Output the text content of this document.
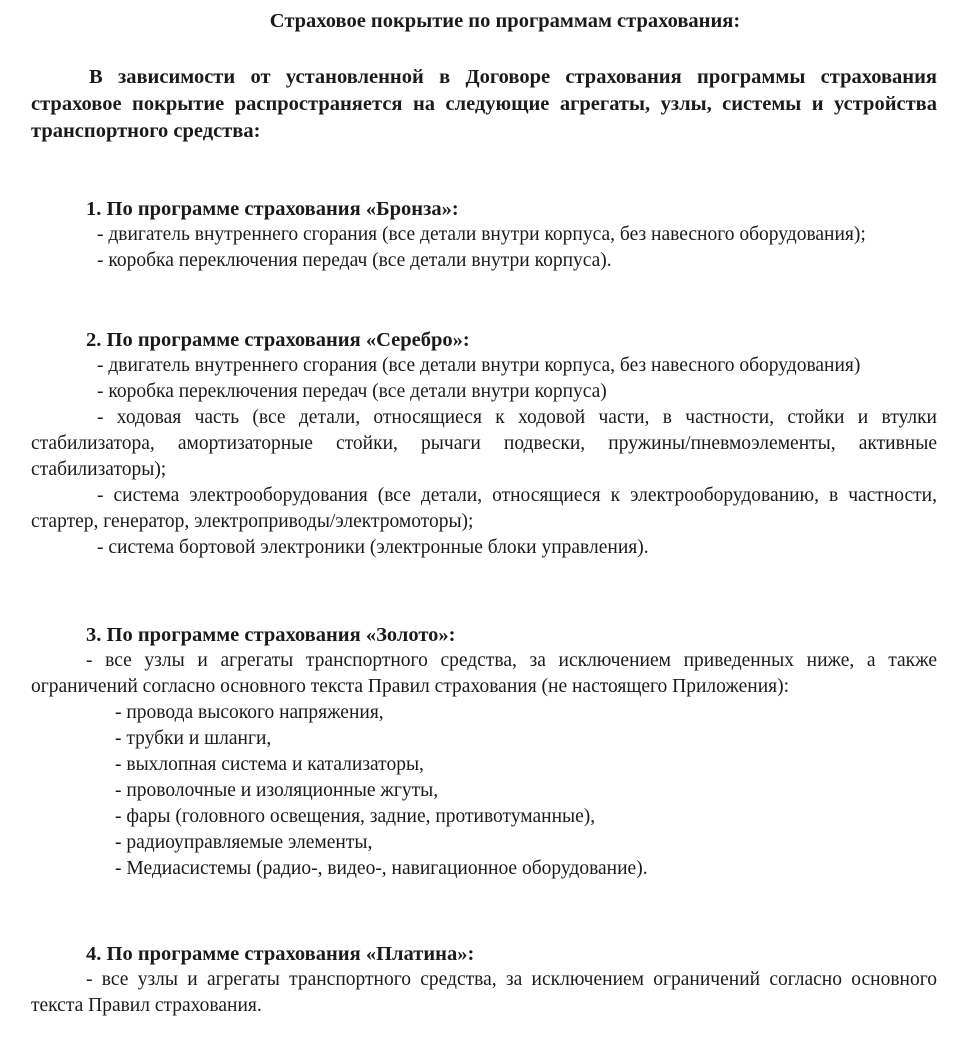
Страховое покрытие по программам страхования:

В зависимости от установленной в Договоре страхования программы страхования страховое покрытие распространяется на следующие агрегаты, узлы, системы и устройства транспортного средства:

1. По программе страхования «Бронза»:

- двигатель внутреннего сгорания (все детали внутри корпуса, без навесного оборудования);

- коробка переключения передач (все детали внутри корпуса).

2. По программе страхования «Серебро»:

- двигатель внутреннего сгорания (все детали внутри корпуса, без навесного оборудования)

- коробка переключения передач (все детали внутри корпуса)

- ходовая часть (все детали, относящиеся к ходовой части, в частности, стойки и втулки стабилизатора, амортизаторные стойки, рычаги подвески, пружины/пневмоэлементы, активные стабилизаторы);

- система электрооборудования (все детали, относящиеся к электрооборудованию, в частности, стартер, генератор, электроприводы/электромоторы);

- система бортовой электроники (электронные блоки управления).

3. По программе страхования «Золото»:

- все узлы и агрегаты транспортного средства, за исключением приведенных ниже, а также ограничений согласно основного текста Правил страхования (не настоящего Приложения):

- провода высокого напряжения,
- трубки и шланги,
- выхлопная система и катализаторы,
- проволочные и изоляционные жгуты,
- фары (головного освещения, задние, противотуманные),
- радиоуправляемые элементы,
- Медиасистемы (радио-, видео-, навигационное оборудование).

4. По программе страхования «Платина»:

- все узлы и агрегаты транспортного средства, за исключением ограничений согласно основного текста Правил страхования.
